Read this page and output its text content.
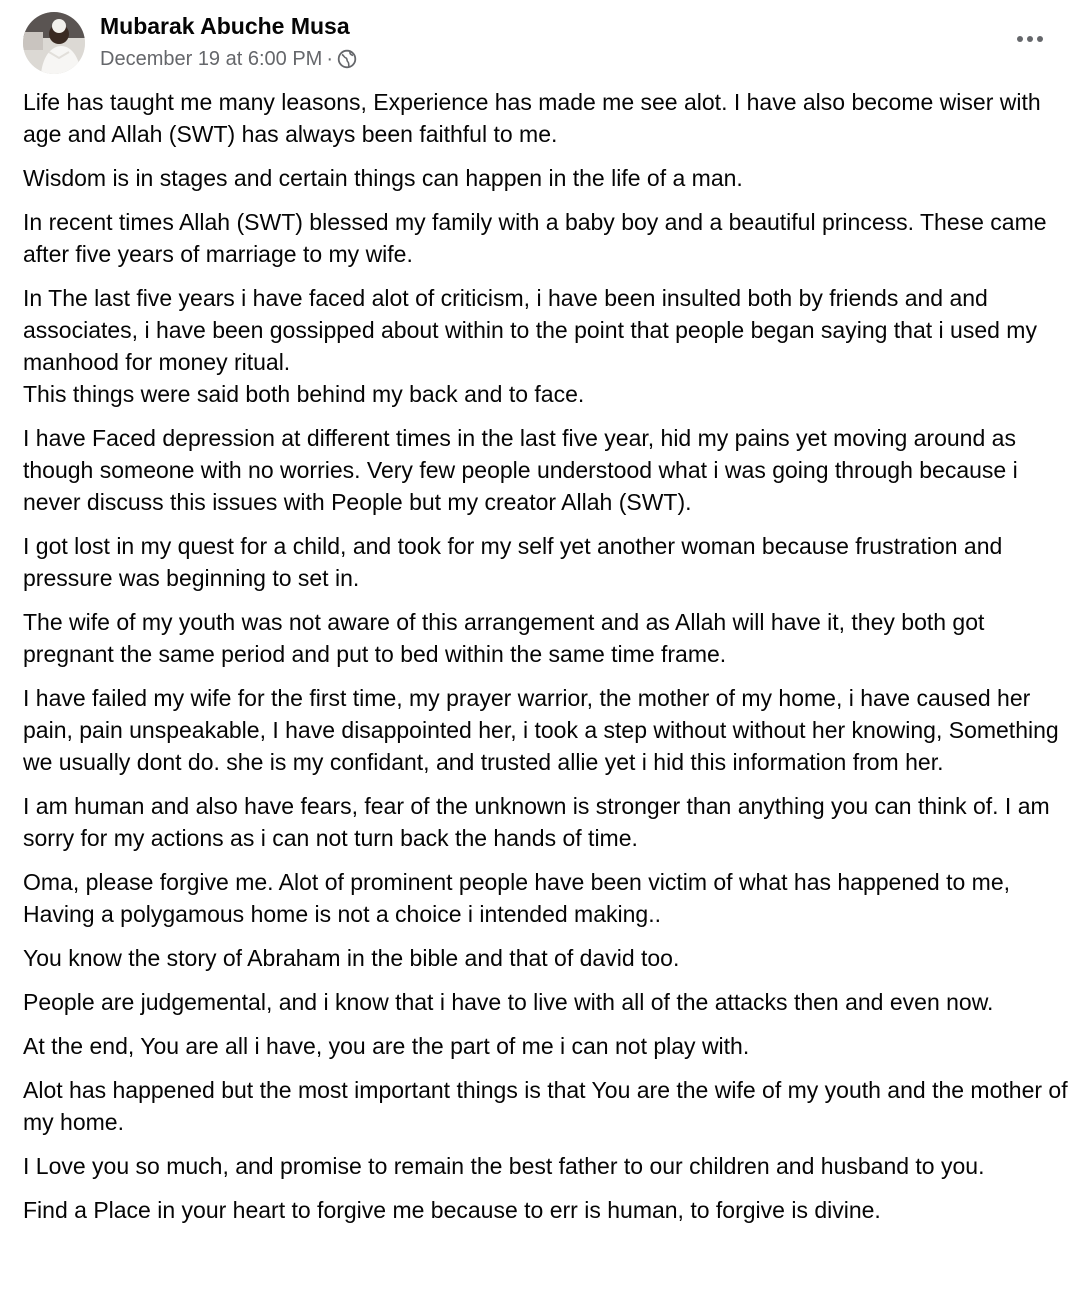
Mubarak Abuche Musa
December 19 at 6:00 PM ·

Life has taught me many leasons, Experience has made me see alot. I have also become wiser with age and Allah (SWT) has always been faithful to me.

Wisdom is in stages and certain things can happen in the life of a man.

In recent times Allah (SWT) blessed my family with a baby boy and a beautiful princess. These came after five years of marriage to my wife.

In The last five years i have faced alot of criticism, i have been insulted both by friends and and associates, i have been gossipped about within to the point that people began saying that i used my manhood for money ritual.
This things were said both behind my back and to face.

I have Faced depression at different times in the last five year, hid my pains yet moving around as though someone with no worries. Very few people understood what i was going through because i never discuss this issues with People but my creator Allah (SWT).

I got lost in my quest for a child, and took for my self yet another woman because frustration and pressure was beginning to set in.

The wife of my youth was not aware of this arrangement and as Allah will have it, they both got pregnant the same period and put to bed within the same time frame.

I have failed my wife for the first time, my prayer warrior, the mother of my home, i have caused her pain, pain unspeakable, I have disappointed her, i took a step without without her knowing, Something we usually dont do. she is my confidant, and trusted allie yet i hid this information from her.

I am human and also have fears, fear of the unknown is stronger than anything you can think of. I am sorry for my actions as i can not turn back the hands of time.

Oma, please forgive me. Alot of prominent people have been victim of what has happened to me, Having a polygamous home is not a choice i intended making..

You know the story of Abraham in the bible and that of david too.

People are judgemental, and i know that i have to live with all of the attacks then and even now.

At the end, You are all i have, you are the part of me i can not play with.

Alot has happened but the most important things is that You are the wife of my youth and the mother of my home.

I Love you so much, and promise to remain the best father to our children and husband to you.

Find a Place in your heart to forgive me because to err is human, to forgive is divine.
